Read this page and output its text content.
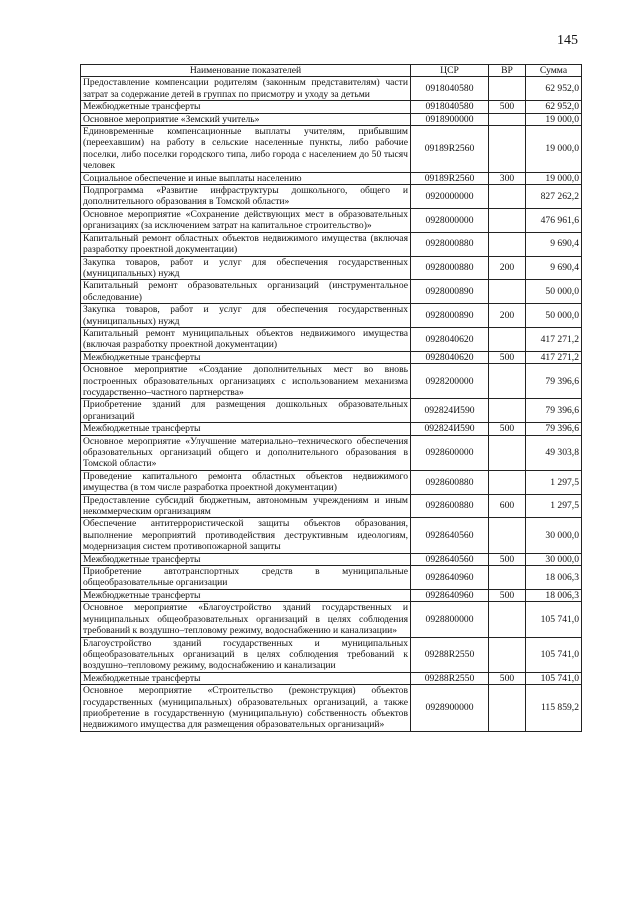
145
Наименование показателей	ЦСР	ВР	Сумма
Предоставление компенсации родителям (законным представителям) части затрат за содержание детей в группах по присмотру и уходу за детьми	0918040580		62 952,0
Межбюджетные трансферты	0918040580	500	62 952,0
Основное мероприятие «Земский учитель»	0918900000		19 000,0
Единовременные компенсационные выплаты учителям, прибывшим (переехавшим) на работу в сельские населенные пункты, либо рабочие поселки, либо поселки городского типа, либо города с населением до 50 тысяч человек	09189R2560		19 000,0
Социальное обеспечение и иные выплаты населению	09189R2560	300	19 000,0
Подпрограмма «Развитие инфраструктуры дошкольного, общего и дополнительного образования в Томской области»	0920000000		827 262,2
Основное мероприятие «Сохранение действующих мест в образовательных организациях (за исключением затрат на капитальное строительство)»	0928000000		476 961,6
Капитальный ремонт областных объектов недвижимого имущества (включая разработку проектной документации)	0928000880		9 690,4
Закупка товаров, работ и услуг для обеспечения государственных (муниципальных) нужд	0928000880	200	9 690,4
Капитальный ремонт образовательных организаций (инструментальное обследование)	0928000890		50 000,0
Закупка товаров, работ и услуг для обеспечения государственных (муниципальных) нужд	0928000890	200	50 000,0
Капитальный ремонт муниципальных объектов недвижимого имущества (включая разработку проектной документации)	0928040620		417 271,2
Межбюджетные трансферты	0928040620	500	417 271,2
Основное мероприятие «Создание дополнительных мест во вновь построенных образовательных организациях с использованием механизма государственно–частного партнерства»	0928200000		79 396,6
Приобретение зданий для размещения дошкольных образовательных организаций	092824И590		79 396,6
Межбюджетные трансферты	092824И590	500	79 396,6
Основное мероприятие «Улучшение материально–технического обеспечения образовательных организаций общего и дополнительного образования в Томской области»	0928600000		49 303,8
Проведение капитального ремонта областных объектов недвижимого имущества (в том числе разработка проектной документации)	0928600880		1 297,5
Предоставление субсидий бюджетным, автономным учреждениям и иным некоммерческим организациям	0928600880	600	1 297,5
Обеспечение антитеррористической защиты объектов образования, выполнение мероприятий противодействия деструктивным идеологиям, модернизация систем противопожарной защиты	0928640560		30 000,0
Межбюджетные трансферты	0928640560	500	30 000,0
Приобретение автотранспортных средств в муниципальные общеобразовательные организации	0928640960		18 006,3
Межбюджетные трансферты	0928640960	500	18 006,3
Основное мероприятие «Благоустройство зданий государственных и муниципальных общеобразовательных организаций в целях соблюдения требований к воздушно–тепловому режиму, водоснабжению и канализации»	0928800000		105 741,0
Благоустройство зданий государственных и муниципальных общеобразовательных организаций в целях соблюдения требований к воздушно–тепловому режиму, водоснабжению и канализации	09288R2550		105 741,0
Межбюджетные трансферты	09288R2550	500	105 741,0
Основное мероприятие «Строительство (реконструкция) объектов государственных (муниципальных) образовательных организаций, а также приобретение в государственную (муниципальную) собственность объектов недвижимого имущества для размещения образовательных организаций»	0928900000		115 859,2
